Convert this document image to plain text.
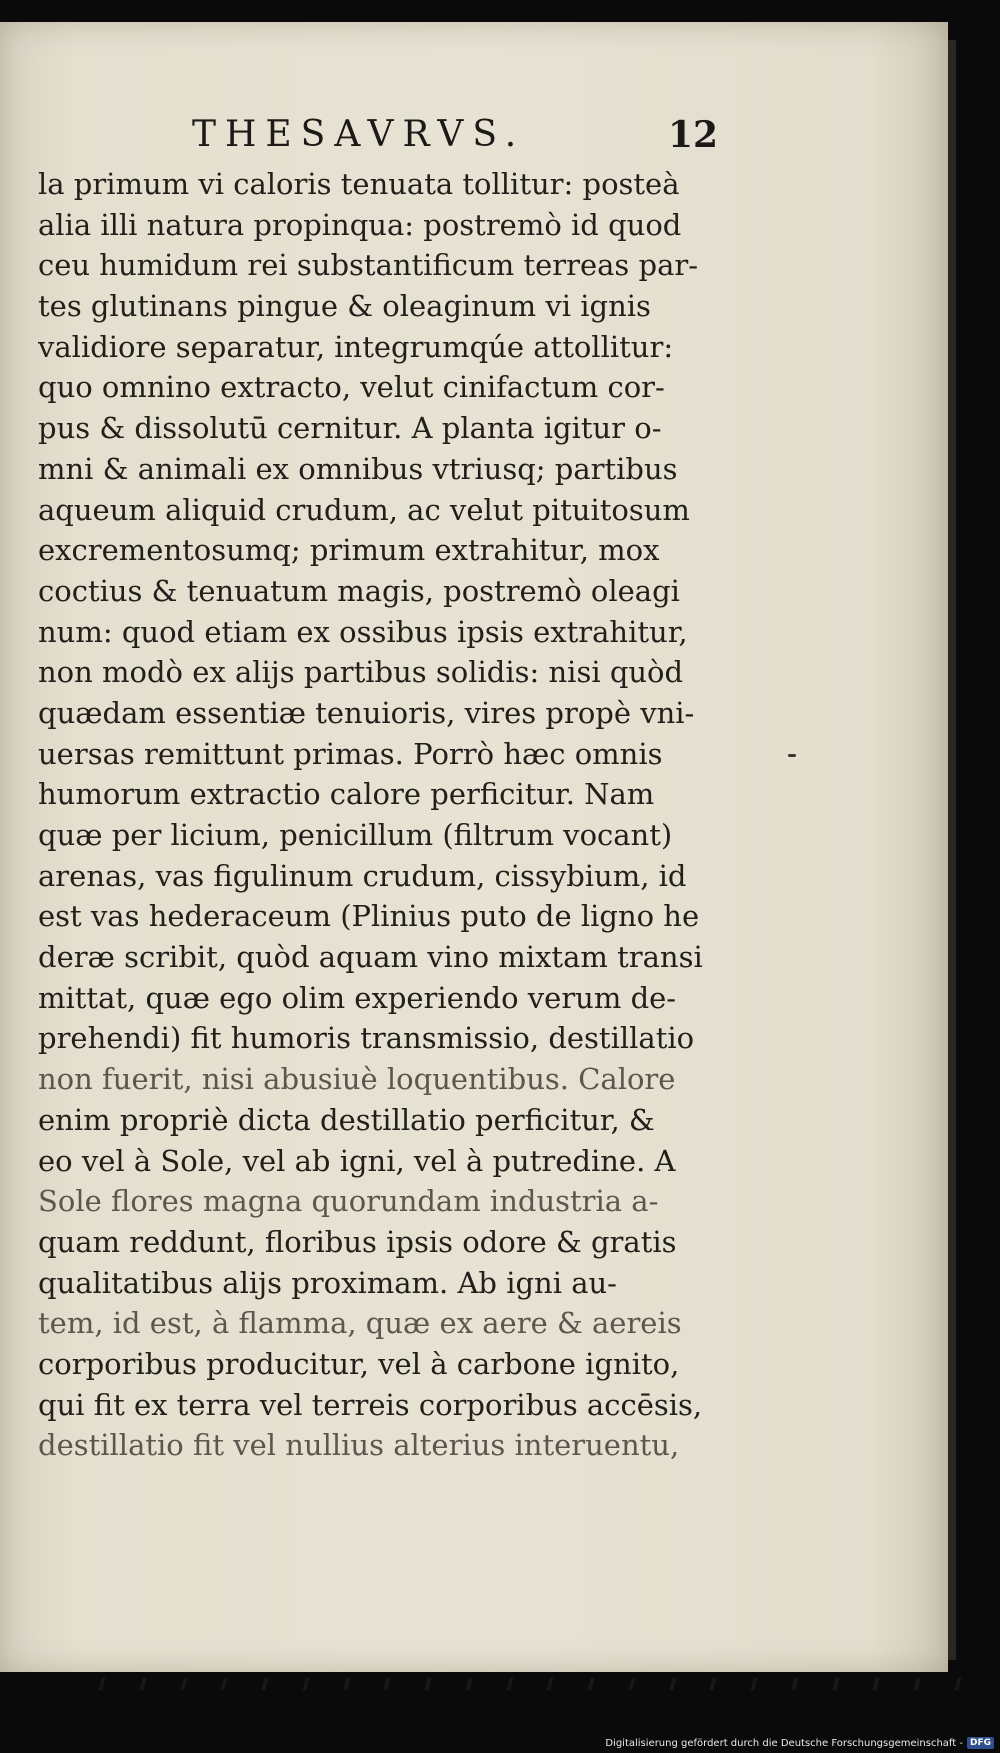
THESAVRVS.	12
la primum vi caloris tenuata tollitur: posteà
alia illi natura propinqua: postremò id quod
ceu humidum rei substantificum terreas par-
tes glutinans pingue & oleaginum vi ignis
validiore separatur, integrumqúe attollitur:
quo omnino extracto, velut cinifactum cor-
pus & dissolutū cernitur. A planta igitur o-
mni & animali ex omnibus vtriusq; partibus
aqueum aliquid crudum, ac velut pituitosum
excrementosumq; primum extrahitur, mox
coctius & tenuatum magis, postremò oleagi
num: quod etiam ex ossibus ipsis extrahitur,
non modò ex alijs partibus solidis: nisi quòd
quædam essentiæ tenuioris, vires propè vni-
uersas remittunt primas. Porrò hæc omnis
humorum extractio calore perficitur. Nam
quæ per licium, penicillum (filtrum vocant)
arenas, vas figulinum crudum, cissybium, id
est vas hederaceum (Plinius puto de ligno he
deræ scribit, quòd aquam vino mixtam transi
mittat, quæ ego olim experiendo verum de-
prehendi) fit humoris transmissio, destillatio
non fuerit, nisi abusiuè loquentibus. Calore
enim propriè dicta destillatio perficitur, &
eo vel à Sole, vel ab igni, vel à putredine. A
Sole flores magna quorundam industria a-
quam reddunt, floribus ipsis odore & gratis
qualitatibus alijs proximam. Ab igni au-
tem, id est, à flamma, quæ ex aere & aereis
corporibus producitur, vel à carbone ignito,
qui fit ex terra vel terreis corporibus accēsis,
destillatio fit vel nullius alterius interuentu,
Digitalisierung gefördert durch die Deutsche Forschungsgemeinschaft - DFG
